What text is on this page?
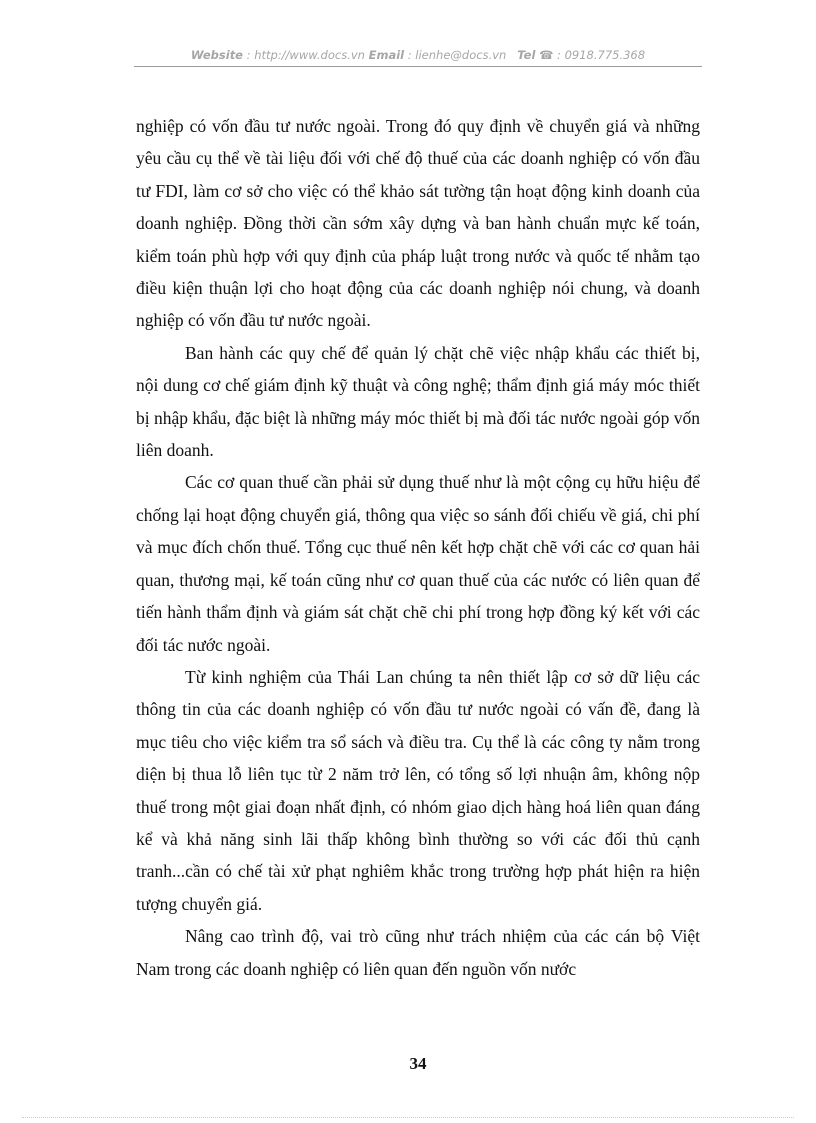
Website : http://www.docs.vn Email : lienhe@docs.vn Tel ☎ : 0918.775.368

nghiệp có vốn đầu tư nước ngoài. Trong đó quy định về chuyển giá và những yêu cầu cụ thể về tài liệu đối với chế độ thuế của các doanh nghiệp có vốn đầu tư FDI, làm cơ sở cho việc có thể khảo sát tường tận hoạt động kinh doanh của doanh nghiệp. Đồng thời cần sớm xây dựng và ban hành chuẩn mực kế toán, kiểm toán phù hợp với quy định của pháp luật trong nước và quốc tế nhằm tạo điều kiện thuận lợi cho hoạt động của các doanh nghiệp nói chung, và doanh nghiệp có vốn đầu tư nước ngoài.

Ban hành các quy chế để quản lý chặt chẽ việc nhập khẩu các thiết bị, nội dung cơ chế giám định kỹ thuật và công nghệ; thẩm định giá máy móc thiết bị nhập khẩu, đặc biệt là những máy móc thiết bị mà đối tác nước ngoài góp vốn liên doanh.

Các cơ quan thuế cần phải sử dụng thuế như là một cộng cụ hữu hiệu để chống lại hoạt động chuyển giá, thông qua việc so sánh đối chiếu về giá, chi phí và mục đích chốn thuế. Tổng cục thuế nên kết hợp chặt chẽ với các cơ quan hải quan, thương mại, kế toán cũng như cơ quan thuế của các nước có liên quan để tiến hành thẩm định và giám sát chặt chẽ chi phí trong hợp đồng ký kết với các đối tác nước ngoài.

Từ kinh nghiệm của Thái Lan chúng ta nên thiết lập cơ sở dữ liệu các thông tin của các doanh nghiệp có vốn đầu tư nước ngoài có vấn đề, đang là mục tiêu cho việc kiểm tra sổ sách và điều tra. Cụ thể là các công ty nằm trong diện bị thua lỗ liên tục từ 2 năm trở lên, có tổng số lợi nhuận âm, không nộp thuế trong một giai đoạn nhất định, có nhóm giao dịch hàng hoá liên quan đáng kể và khả năng sinh lãi thấp không bình thường so với các đối thủ cạnh tranh...cần có chế tài xử phạt nghiêm khắc trong trường hợp phát hiện ra hiện tượng chuyển giá.

Nâng cao trình độ, vai trò cũng như trách nhiệm của các cán bộ Việt Nam trong các doanh nghiệp có liên quan đến nguồn vốn nước

34
